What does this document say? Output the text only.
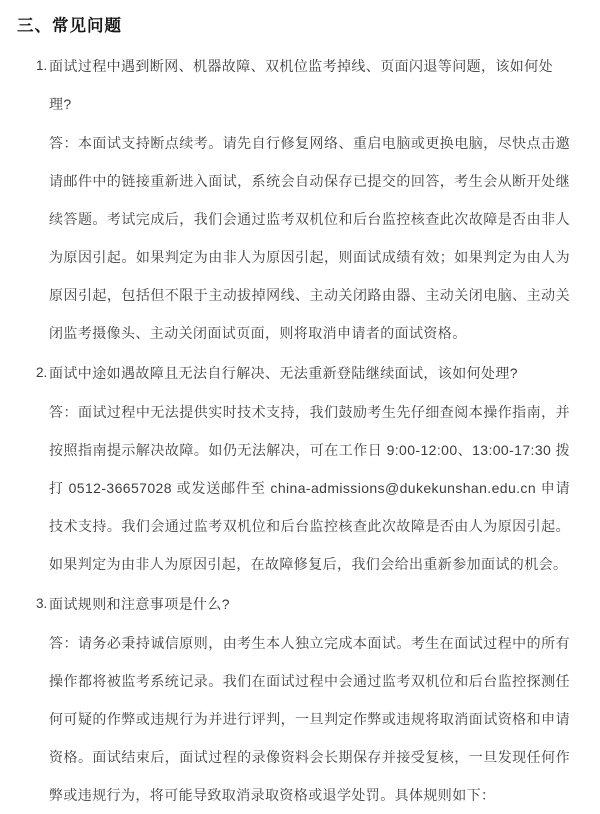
三、常见问题
1. 面试过程中遇到断网、机器故障、双机位监考掉线、页面闪退等问题，该如何处理?

答：本面试支持断点续考。请先自行修复网络、重启电脑或更换电脑，尽快点击邀请邮件中的链接重新进入面试，系统会自动保存已提交的回答，考生会从断开处继续答题。考试完成后，我们会通过监考双机位和后台监控核查此次故障是否由非人为原因引起。如果判定为由非人为原因引起，则面试成绩有效；如果判定为由人为原因引起，包括但不限于主动拔掉网线、主动关闭路由器、主动关闭电脑、主动关闭监考摄像头、主动关闭面试页面，则将取消申请者的面试资格。

2. 面试中途如遇故障且无法自行解决、无法重新登陆继续面试，该如何处理?

答：面试过程中无法提供实时技术支持，我们鼓励考生先仔细查阅本操作指南，并按照指南提示解决故障。如仍无法解决，可在工作日 9:00-12:00、13:00-17:30 拨打 0512-36657028 或发送邮件至 china-admissions@dukekunshan.edu.cn 申请技术支持。我们会通过监考双机位和后台监控核查此次故障是否由人为原因引起。如果判定为由非人为原因引起，在故障修复后，我们会给出重新参加面试的机会。

3. 面试规则和注意事项是什么?

答：请务必秉持诚信原则，由考生本人独立完成本面试。考生在面试过程中的所有操作都将被监考系统记录。我们在面试过程中会通过监考双机位和后台监控探测任何可疑的作弊或违规行为并进行评判，一旦判定作弊或违规将取消面试资格和申请资格。面试结束后，面试过程的录像资料会长期保存并接受复核，一旦发现任何作弊或违规行为，将可能导致取消录取资格或退学处罚。具体规则如下：
